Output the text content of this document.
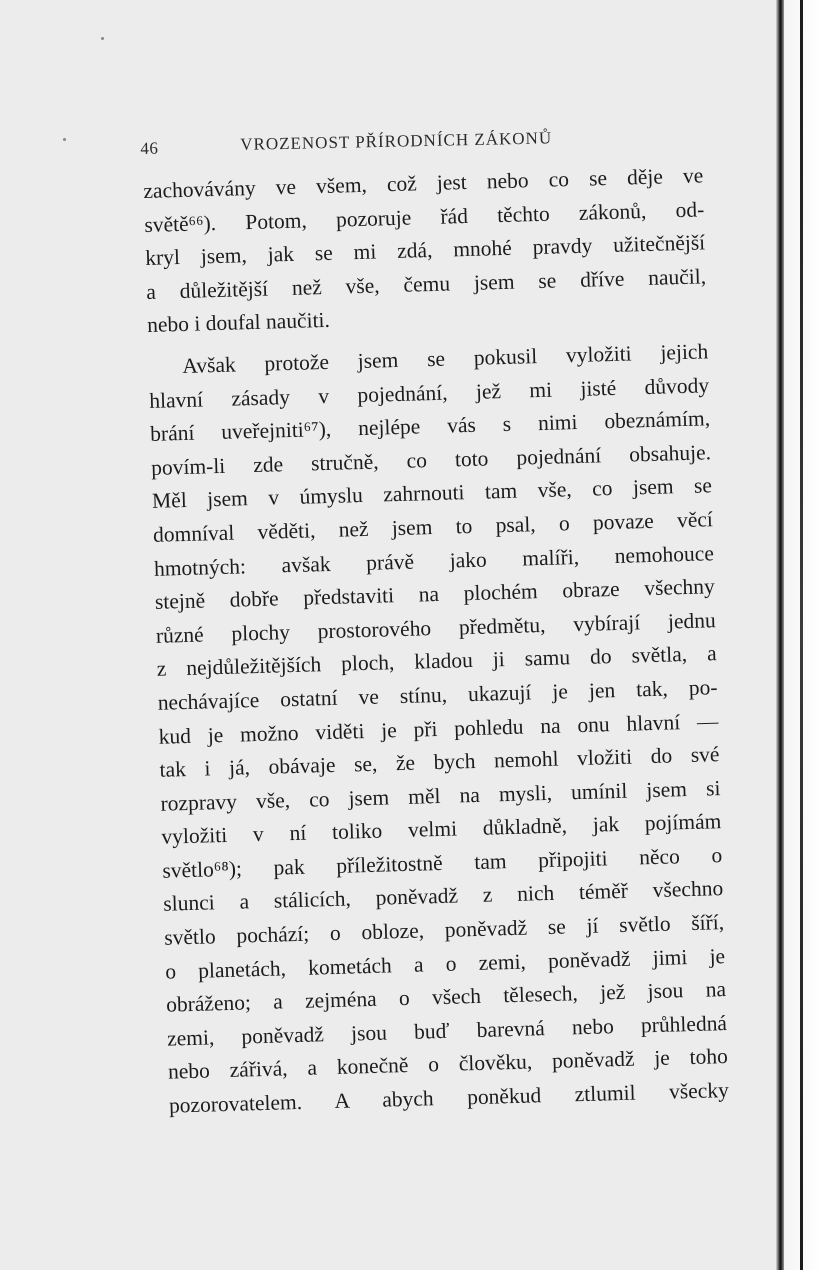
46	VROZENOST PŘÍRODNÍCH ZÁKONŮ
zachovávány ve všem, což jest nebo co se děje ve
světě⁶⁶). Potom, pozoruje řád těchto zákonů, od-
kryl jsem, jak se mi zdá, mnohé pravdy užitečnější
a důležitější než vše, čemu jsem se dříve naučil,
nebo i doufal naučiti.
Avšak protože jsem se pokusil vyložiti jejich
hlavní zásady v pojednání, jež mi jisté důvody
brání uveřejniti⁶⁷), nejlépe vás s nimi obeznámím,
povím-li zde stručně, co toto pojednání obsahuje.
Měl jsem v úmyslu zahrnouti tam vše, co jsem se
domníval věděti, než jsem to psal, o povaze věcí
hmotných: avšak právě jako malíři, nemohouce
stejně dobře představiti na plochém obraze všechny
různé plochy prostorového předmětu, vybírají jednu
z nejdůležitějších ploch, kladou ji samu do světla, a
nechávajíce ostatní ve stínu, ukazují je jen tak, po-
kud je možno viděti je při pohledu na onu hlavní —
tak i já, obávaje se, že bych nemohl vložiti do své
rozpravy vše, co jsem měl na mysli, umínil jsem si
vyložiti v ní toliko velmi důkladně, jak pojímám
světlo⁶⁸); pak příležitostně tam připojiti něco o
slunci a stálicích, poněvadž z nich téměř všechno
světlo pochází; o obloze, poněvadž se jí světlo šíří,
o planetách, kometách a o zemi, poněvadž jimi je
obráženo; a zejména o všech tělesech, jež jsou na
zemi, poněvadž jsou buď barevná nebo průhledná
nebo zářivá, a konečně o člověku, poněvadž je toho
pozorovatelem. A abych poněkud ztlumil všecky
